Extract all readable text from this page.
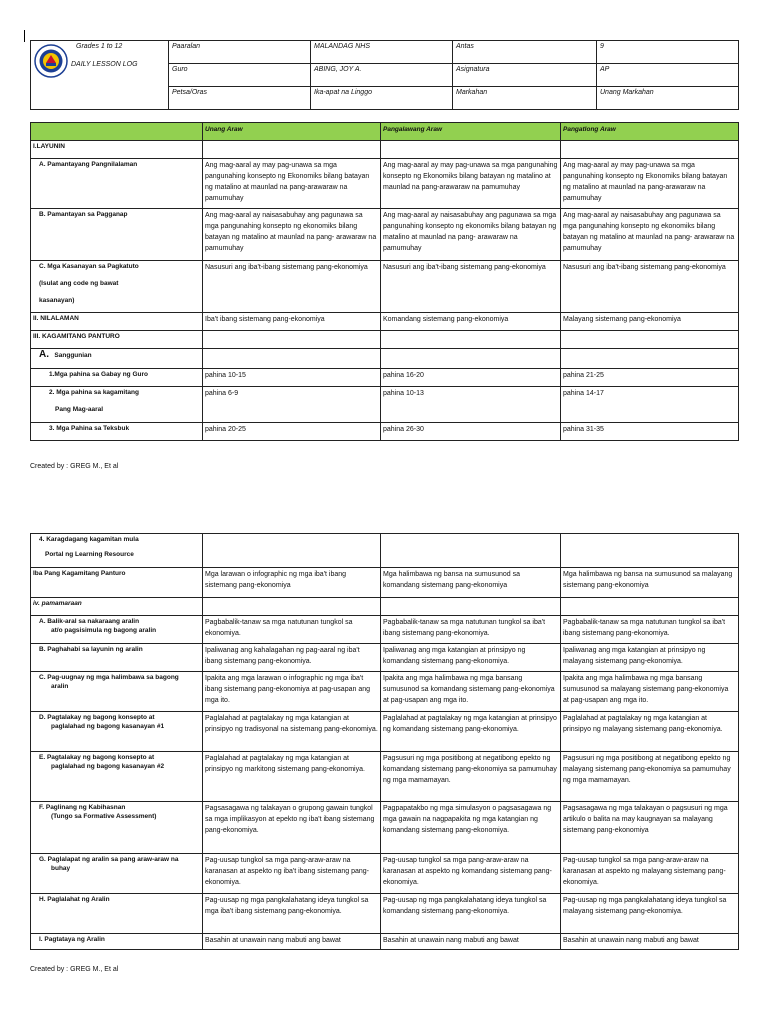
Grades 1 to 12
DAILY LESSON LOG	Paaralan	MALANDAG NHS	Antas	9
	Guro	ABING, JOY A.	Asignatura	AP
	Petsa/Oras	Ika-apat na Linggo	Markahan	Unang Markahan
	Unang Araw	Pangalawang Araw	Pangatlong Araw
I.LAYUNIN			
A. Pamantayang Pangnilalaman	Ang mag-aaral ay may pag-unawa sa mga pangunahing konsepto ng Ekonomiks bilang batayan ng matalino at maunlad na pang-arawaraw na pamumuhay	Ang mag-aaral ay may pag-unawa sa mga pangunahing konsepto ng Ekonomiks bilang batayan ng matalino at maunlad na pang-arawaraw na pamumuhay	Ang mag-aaral ay may pag-unawa sa mga pangunahing konsepto ng Ekonomiks bilang batayan ng matalino at maunlad na pang-arawaraw na pamumuhay
B. Pamantayan sa Pagganap	Ang mag-aaral ay naisasabuhay ang pagunawa sa mga pangunahing konsepto ng ekonomiks bilang batayan ng matalino at maunlad na pang- arawaraw na pamumuhay	Ang mag-aaral ay naisasabuhay ang pagunawa sa mga pangunahing konsepto ng ekonomiks bilang batayan ng matalino at maunlad na pang- arawaraw na pamumuhay	Ang mag-aaral ay naisasabuhay ang pagunawa sa mga pangunahing konsepto ng ekonomiks bilang batayan ng matalino at maunlad na pang- arawaraw na pamumuhay

C. Mga Kasanayan sa Pagkatuto
(Isulat ang code ng bawat
kasanayan)	Nasusuri ang iba't-ibang sistemang pang-ekonomiya	Nasusuri ang iba't-ibang sistemang pang-ekonomiya	Nasusuri ang iba't-ibang sistemang pang-ekonomiya
II. NILALAMAN	Iba't ibang sistemang pang-ekonomiya	Komandang sistemang pang-ekonomiya	Malayang sistemang pang-ekonomiya
III. KAGAMITANG PANTURO			
A. Sanggunian			
1.Mga pahina sa Gabay ng Guro	pahina 10-15	pahina 16-20	pahina 21-25

2. Mga pahina sa kagamitang
Pang Mag-aaral	pahina 6-9	pahina 10-13	pahina 14-17
3. Mga Pahina sa Teksbuk	pahina 20-25	pahina 26-30	pahina 31-35
Created by : GREG M., Et al
4. Karagdagang kagamitan mula
Portal ng Learning Resource			

Iba Pang Kagamitang Panturo	Mga larawan o infographic ng mga iba't ibang sistemang pang-ekonomiya	Mga halimbawa ng bansa na sumusunod sa komandang sistemang pang-ekonomiya	Mga halimbawa ng bansa na sumusunod sa malayang sistemang pang-ekonomiya
iv. pamamaraan			

A. Balik-aral sa nakaraang aralin
at/o pagsisimula ng bagong aralin	Pagbabalik-tanaw sa mga natutunan tungkol sa ekonomiya.	Pagbabalik-tanaw sa mga natutunan tungkol sa iba't ibang sistemang pang-ekonomiya.	Pagbabalik-tanaw sa mga natutunan tungkol sa iba't ibang sistemang pang-ekonomiya.
B. Paghahabi sa layunin ng aralin	Ipaliwanag ang kahalagahan ng pag-aaral ng iba't ibang sistemang pang-ekonomiya.	Ipaliwanag ang mga katangian at prinsipyo ng komandang sistemang pang-ekonomiya.	Ipaliwanag ang mga katangian at prinsipyo ng malayang sistemang pang-ekonomiya.

C. Pag-uugnay ng mga halimbawa sa bagong
aralin	Ipakita ang mga larawan o infographic ng mga iba't ibang sistemang pang-ekonomiya at pag-usapan ang mga ito.	Ipakita ang mga halimbawa ng mga bansang sumusunod sa komandang sistemang pang-ekonomiya at pag-usapan ang mga ito.	Ipakita ang mga halimbawa ng mga bansang sumusunod sa malayang sistemang pang-ekonomiya at pag-usapan ang mga ito.

D. Pagtalakay ng bagong konsepto at
paglalahad ng bagong kasanayan #1	Paglalahad at pagtalakay ng mga katangian at prinsipyo ng tradisyonal na sistemang pang-ekonomiya.	Paglalahad at pagtalakay ng mga katangian at prinsipyo ng komandang sistemang pang-ekonomiya.	Paglalahad at pagtalakay ng mga katangian at prinsipyo ng malayang sistemang pang-ekonomiya.

E. Pagtalakay ng bagong konsepto at
paglalahad ng bagong kasanayan #2	Paglalahad at pagtalakay ng mga katangian at prinsipyo ng markitong sistemang pang-ekonomiya.	Pagsusuri ng mga positibong at negatibong epekto ng komandang sistemang pang-ekonomiya sa pamumuhay ng mga mamamayan.	Pagsusuri ng mga positibong at negatibong epekto ng malayang sistemang pang-ekonomiya sa pamumuhay ng mga mamamayan.

F. Paglinang ng Kabihasnan
(Tungo sa Formative Assessment)	Pagsasagawa ng talakayan o grupong gawain tungkol sa mga implikasyon at epekto ng iba't ibang sistemang pang-ekonomiya.	Pagpapatakbo ng mga simulasyon o pagsasagawa ng mga gawain na nagpapakita ng mga katangian ng komandang sistemang pang-ekonomiya.	Pagsasagawa ng mga talakayan o pagsusuri ng mga artikulo o balita na may kaugnayan sa malayang sistemang pang-ekonomiya

G. Paglalapat ng aralin sa pang araw-araw na
buhay	Pag-uusap tungkol sa mga pang-araw-araw na karanasan at aspekto ng iba't ibang sistemang pang-ekonomiya.	Pag-uusap tungkol sa mga pang-araw-araw na karanasan at aspekto ng komandang sistemang pang-ekonomiya.	Pag-uusap tungkol sa mga pang-araw-araw na karanasan at aspekto ng malayang sistemang pang-ekonomiya.
H. Paglalahat ng Aralin	Pag-uusap ng mga pangkalahatang ideya tungkol sa mga iba't ibang sistemang pang-ekonomiya.	Pag-uusap ng mga pangkalahatang ideya tungkol sa komandang sistemang pang-ekonomiya.	Pag-uusap ng mga pangkalahatang ideya tungkol sa malayang sistemang pang-ekonomiya.
I. Pagtataya ng Aralin	Basahin at unawain nang mabuti ang bawat	Basahin at unawain nang mabuti ang bawat	Basahin at unawain nang mabuti ang bawat
Created by : GREG M., Et al
